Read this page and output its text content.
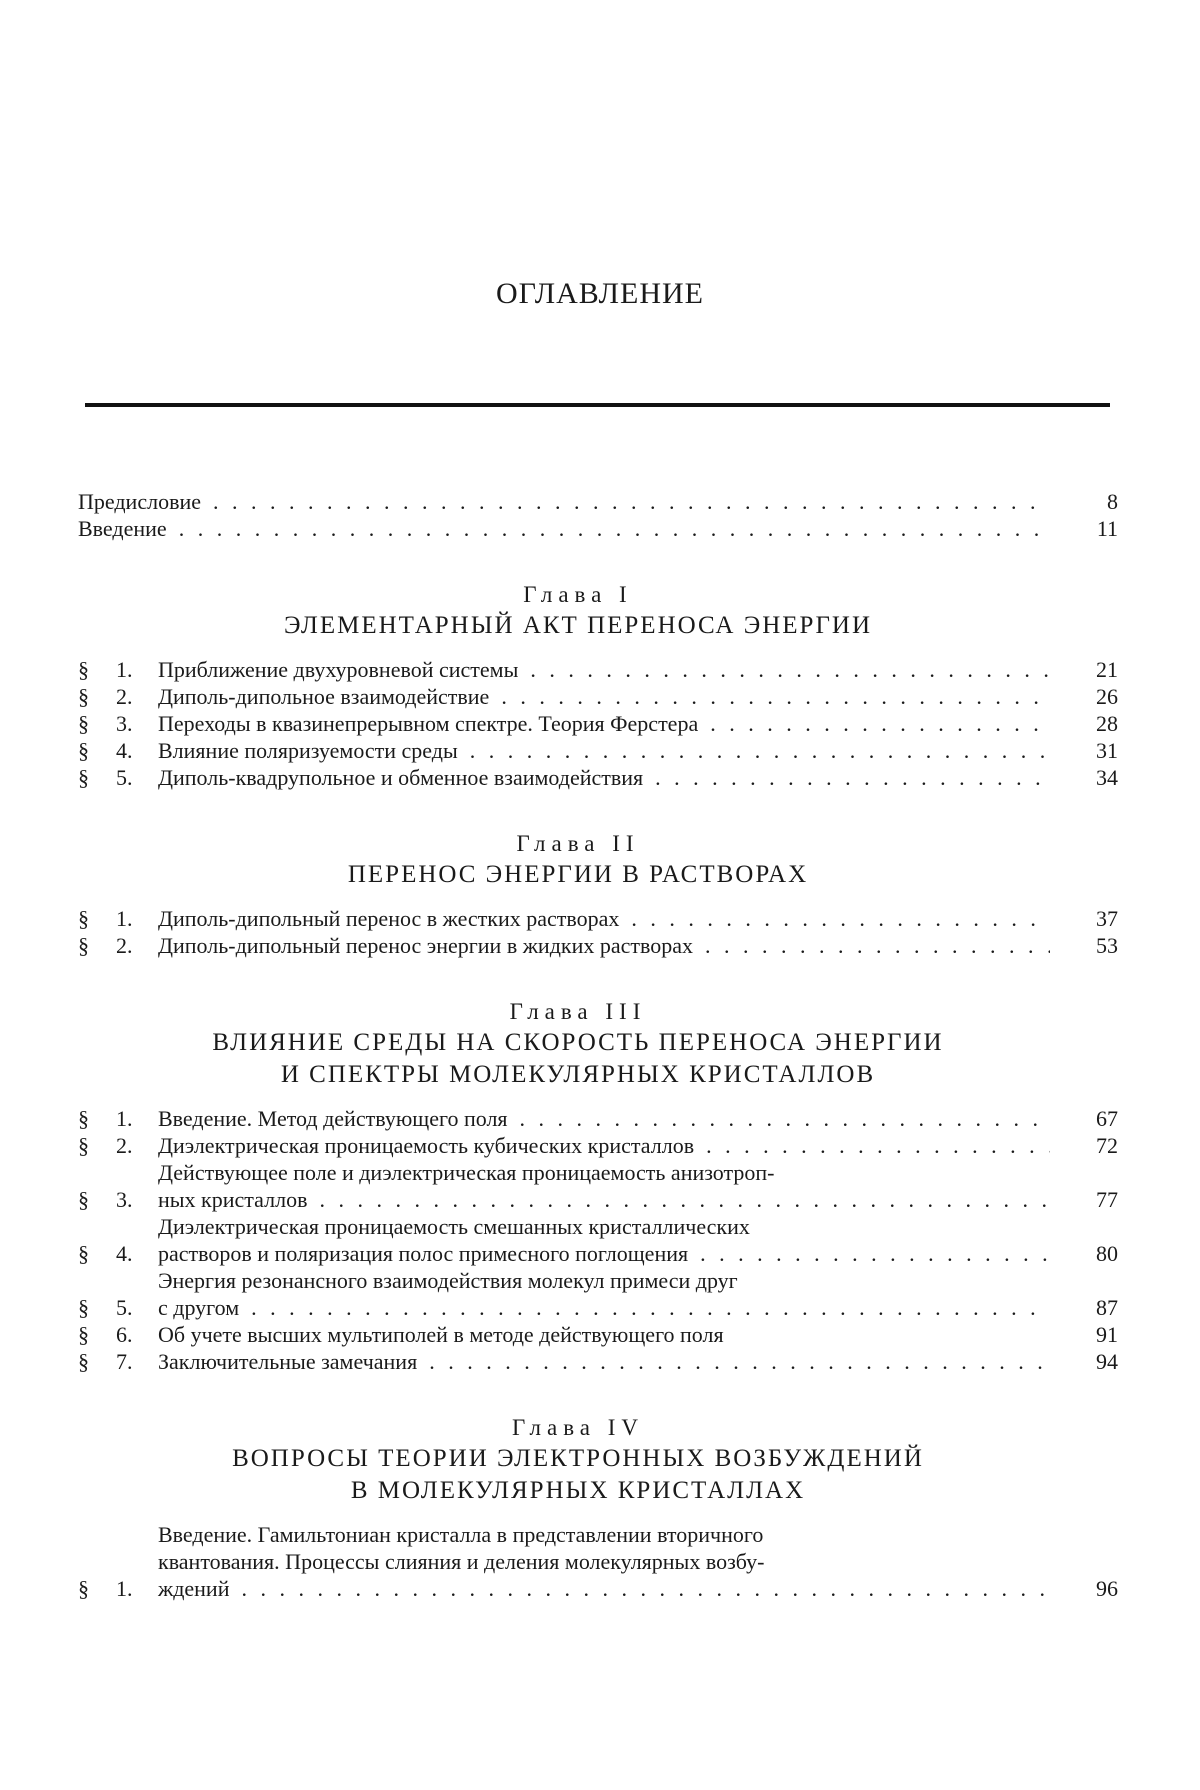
ОГЛАВЛЕНИЕ
Предисловие . . .	8
Введение . . .	11
Глава I
ЭЛЕМЕНТАРНЫЙ АКТ ПЕРЕНОСА ЭНЕРГИИ
§	1.	Приближение двухуровневой системы . . .	21
§	2.	Диполь-дипольное взаимодействие . . .	26
§	3.	Переходы в квазинепрерывном спектре. Теория Ферстера . . .	28
§	4.	Влияние поляризуемости среды . . .	31
§	5.	Диполь-квадрупольное и обменное взаимодействия . . .	34
Глава II
ПЕРЕНОС ЭНЕРГИИ В РАСТВОРАХ
§	1.	Диполь-дипольный перенос в жестких растворах . . .	37
§	2.	Диполь-дипольный перенос энергии в жидких растворах . . .	53
Глава III
ВЛИЯНИЕ СРЕДЫ НА СКОРОСТЬ ПЕРЕНОСА ЭНЕРГИИ
И СПЕКТРЫ МОЛЕКУЛЯРНЫХ КРИСТАЛЛОВ
§	1.	Введение. Метод действующего поля . . .	67
§	2.	Диэлектрическая проницаемость кубических кристаллов . . .	72
§	3.
Действующее поле и диэлектрическая проницаемость анизотроп-
ных кристаллов . . .	77
§	4.
Диэлектрическая проницаемость смешанных кристаллических
растворов и поляризация полос примесного поглощения . . .	80
§	5.
Энергия резонансного взаимодействия молекул примеси друг
с другом . . .	87
§	6.	Об учете высших мультиполей в методе действующего поля	91
§	7.	Заключительные замечания . . .	94
Глава IV
ВОПРОСЫ ТЕОРИИ ЭЛЕКТРОННЫХ ВОЗБУЖДЕНИЙ
В МОЛЕКУЛЯРНЫХ КРИСТАЛЛАХ
§	1.
Введение. Гамильтониан кристалла в представлении вторичного
квантования. Процессы слияния и деления молекулярных возбу-
ждений . . .	96
